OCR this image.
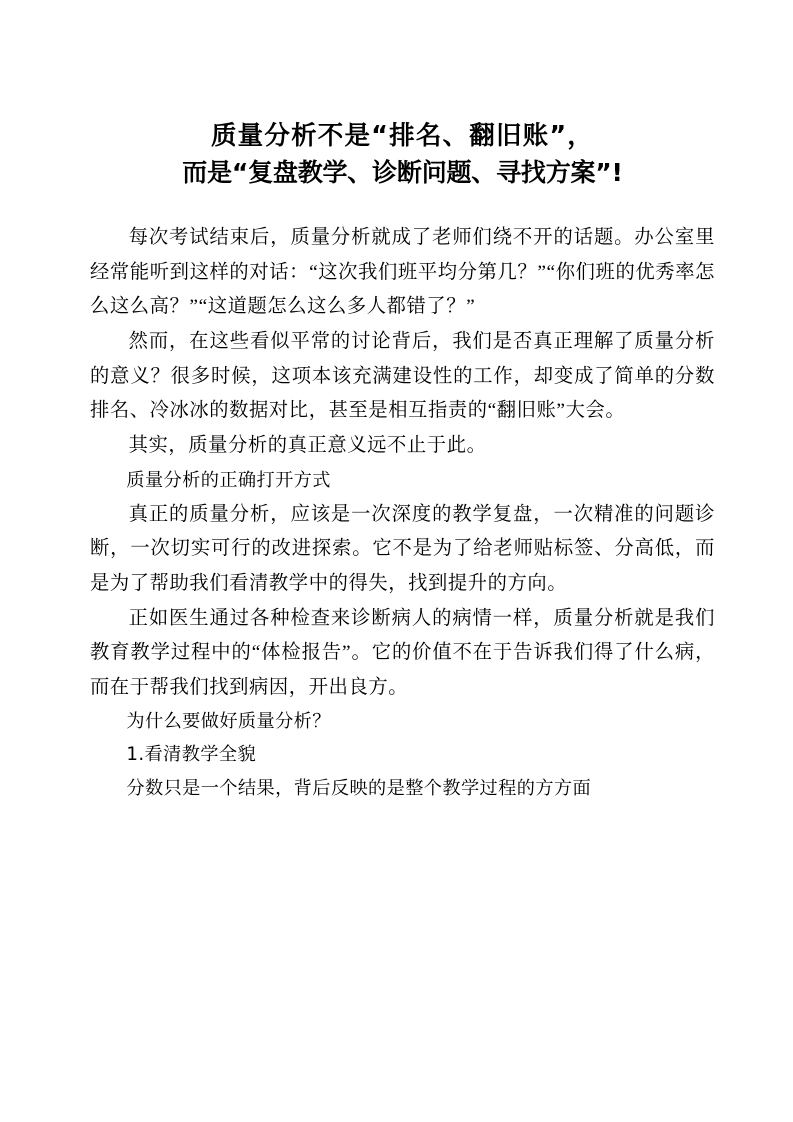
质量分析不是“排名、翻旧账”，
而是“复盘教学、诊断问题、寻找方案”!

每次考试结束后，质量分析就成了老师们绕不开的话题。办公室里经常能听到这样的对话：“这次我们班平均分第几？”“你们班的优秀率怎么这么高？”“这道题怎么这么多人都错了？”

然而，在这些看似平常的讨论背后，我们是否真正理解了质量分析的意义？很多时候，这项本该充满建设性的工作，却变成了简单的分数排名、冷冰冰的数据对比，甚至是相互指责的“翻旧账”大会。

其实，质量分析的真正意义远不止于此。

质量分析的正确打开方式

真正的质量分析，应该是一次深度的教学复盘，一次精准的问题诊断，一次切实可行的改进探索。它不是为了给老师贴标签、分高低，而是为了帮助我们看清教学中的得失，找到提升的方向。

正如医生通过各种检查来诊断病人的病情一样，质量分析就是我们教育教学过程中的“体检报告”。它的价值不在于告诉我们得了什么病，而在于帮我们找到病因，开出良方。

为什么要做好质量分析？

1.看清教学全貌

分数只是一个结果，背后反映的是整个教学过程的方方面
